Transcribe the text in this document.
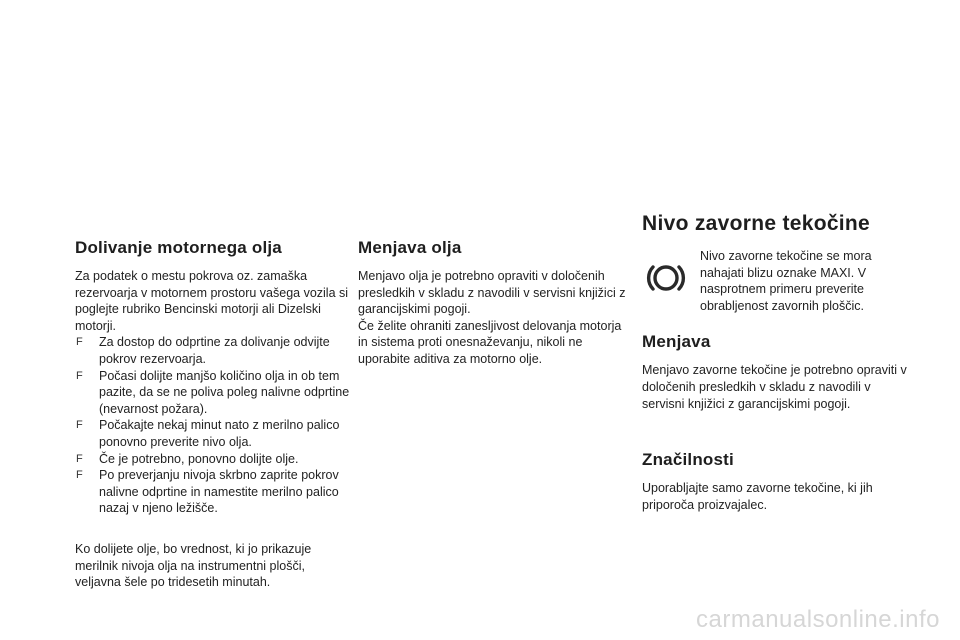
Dolivanje motornega olja

Za podatek o mestu pokrova oz. zamaška rezervoarja v motornem prostoru vašega vozila si poglejte rubriko Bencinski motorji ali Dizelski motorji.

F Za dostop do odprtine za dolivanje odvijte pokrov rezervoarja.
F Počasi dolijte manjšo količino olja in ob tem pazite, da se ne poliva poleg nalivne odprtine (nevarnost požara).
F Počakajte nekaj minut nato z merilno palico ponovno preverite nivo olja.
F Če je potrebno, ponovno dolijte olje.
F Po preverjanju nivoja skrbno zaprite pokrov nalivne odprtine in namestite merilno palico nazaj v njeno ležišče.

Ko dolijete olje, bo vrednost, ki jo prikazuje merilnik nivoja olja na instrumentni plošči, veljavna šele po tridesetih minutah.

Menjava olja

Menjavo olja je potrebno opraviti v določenih presledkih v skladu z navodili v servisni knjižici z garancijskimi pogoji.

Če želite ohraniti zanesljivost delovanja motorja in sistema proti onesnaževanju, nikoli ne uporabite aditiva za motorno olje.

Nivo zavorne tekočine

Nivo zavorne tekočine se mora nahajati blizu oznake MAXI. V nasprotnem primeru preverite obrabljenost zavornih ploščic.

Menjava

Menjavo zavorne tekočine je potrebno opraviti v določenih presledkih v skladu z navodili v servisni knjižici z garancijskimi pogoji.

Značilnosti

Uporabljajte samo zavorne tekočine, ki jih priporoča proizvajalec.

carmanualsonline.info
